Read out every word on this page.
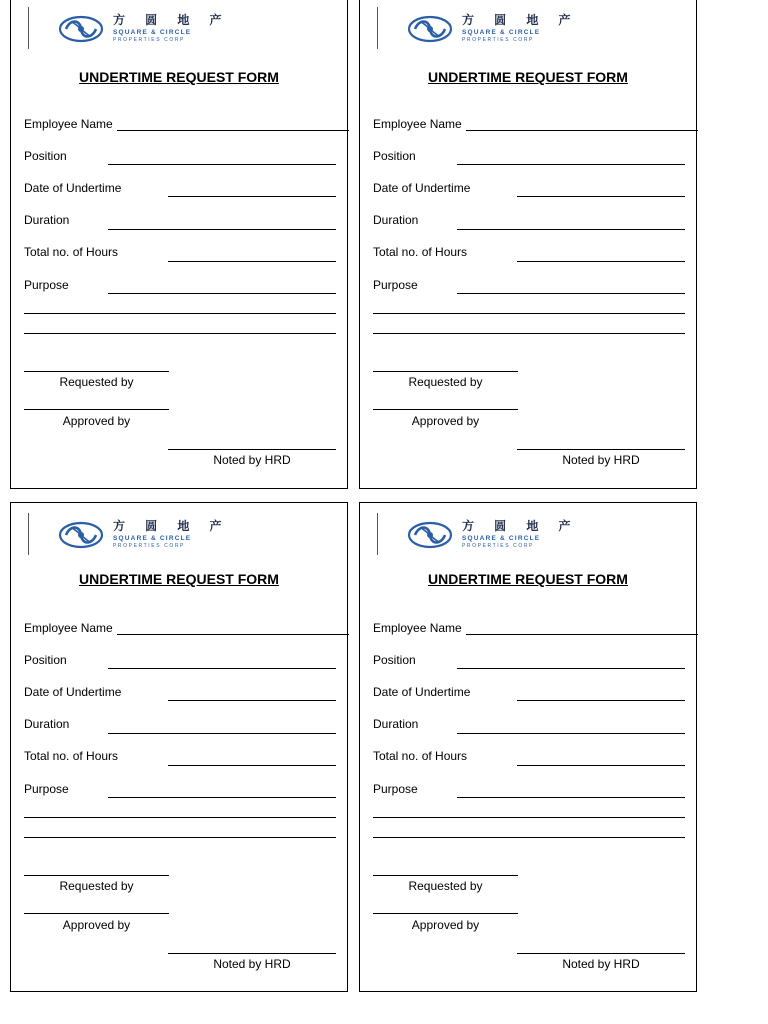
方 圆 地 产
SQUARE & CIRCLE
PROPERTIES CORP
UNDERTIME REQUEST FORM
Employee Name
Position
Date of Undertime
Duration
Total no. of Hours
Purpose
Requested by
Approved by
Noted by HRD
方 圆 地 产
SQUARE & CIRCLE
PROPERTIES CORP
UNDERTIME REQUEST FORM
Employee Name
Position
Date of Undertime
Duration
Total no. of Hours
Purpose
Requested by
Approved by
Noted by HRD
方 圆 地 产
SQUARE & CIRCLE
PROPERTIES CORP
UNDERTIME REQUEST FORM
Employee Name
Position
Date of Undertime
Duration
Total no. of Hours
Purpose
Requested by
Approved by
Noted by HRD
方 圆 地 产
SQUARE & CIRCLE
PROPERTIES CORP
UNDERTIME REQUEST FORM
Employee Name
Position
Date of Undertime
Duration
Total no. of Hours
Purpose
Requested by
Approved by
Noted by HRD
